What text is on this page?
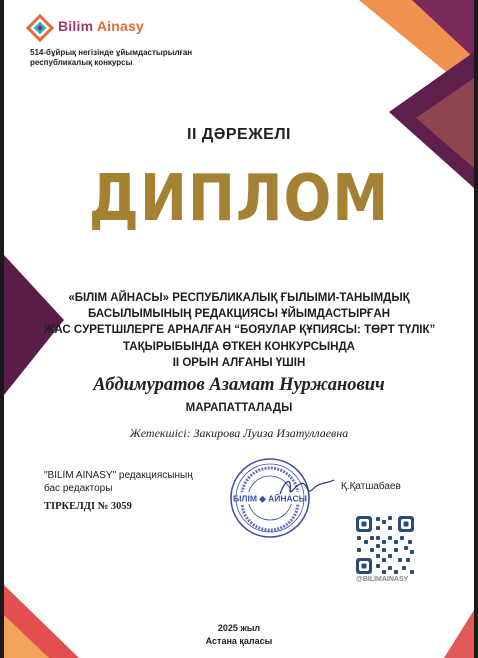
Bilim Ainasy
514-бұйрық негізінде ұйымдастырылған республикалық конкурсы
II ДӘРЕЖЕЛІ
ДИПЛОМ
«БІЛІМ АЙНАСЫ» РЕСПУБЛИКАЛЫҚ ҒЫЛЫМИ-ТАНЫМДЫҚ
БАСЫЛЫМЫНЫҢ РЕДАКЦИЯСЫ ҰЙЫМДАСТЫРҒАН
ЖАС СУРЕТШІЛЕРГЕ АРНАЛҒАН “БОЯУЛАР ҚҰПИЯСЫ: ТӨРТ ТҮЛІК”
ТАҚЫРЫБЫНДА ӨТКЕН КОНКУРСЫНДА
II ОРЫН АЛҒАНЫ ҮШІН
Абдимуратов Азамат Нуржанович
МАРАПАТТАЛАДЫ
Жетекшісі: Закирова Луиза Изатуллаевна
"BILIM AINASY" редакциясының
бас редакторы
ТІРКЕЛДІ № 3059
БІЛІМ ◆ АЙНАСЫ
Қ.Қатшабаев
@BILIMAINASY
2025 жыл
Астана қаласы
